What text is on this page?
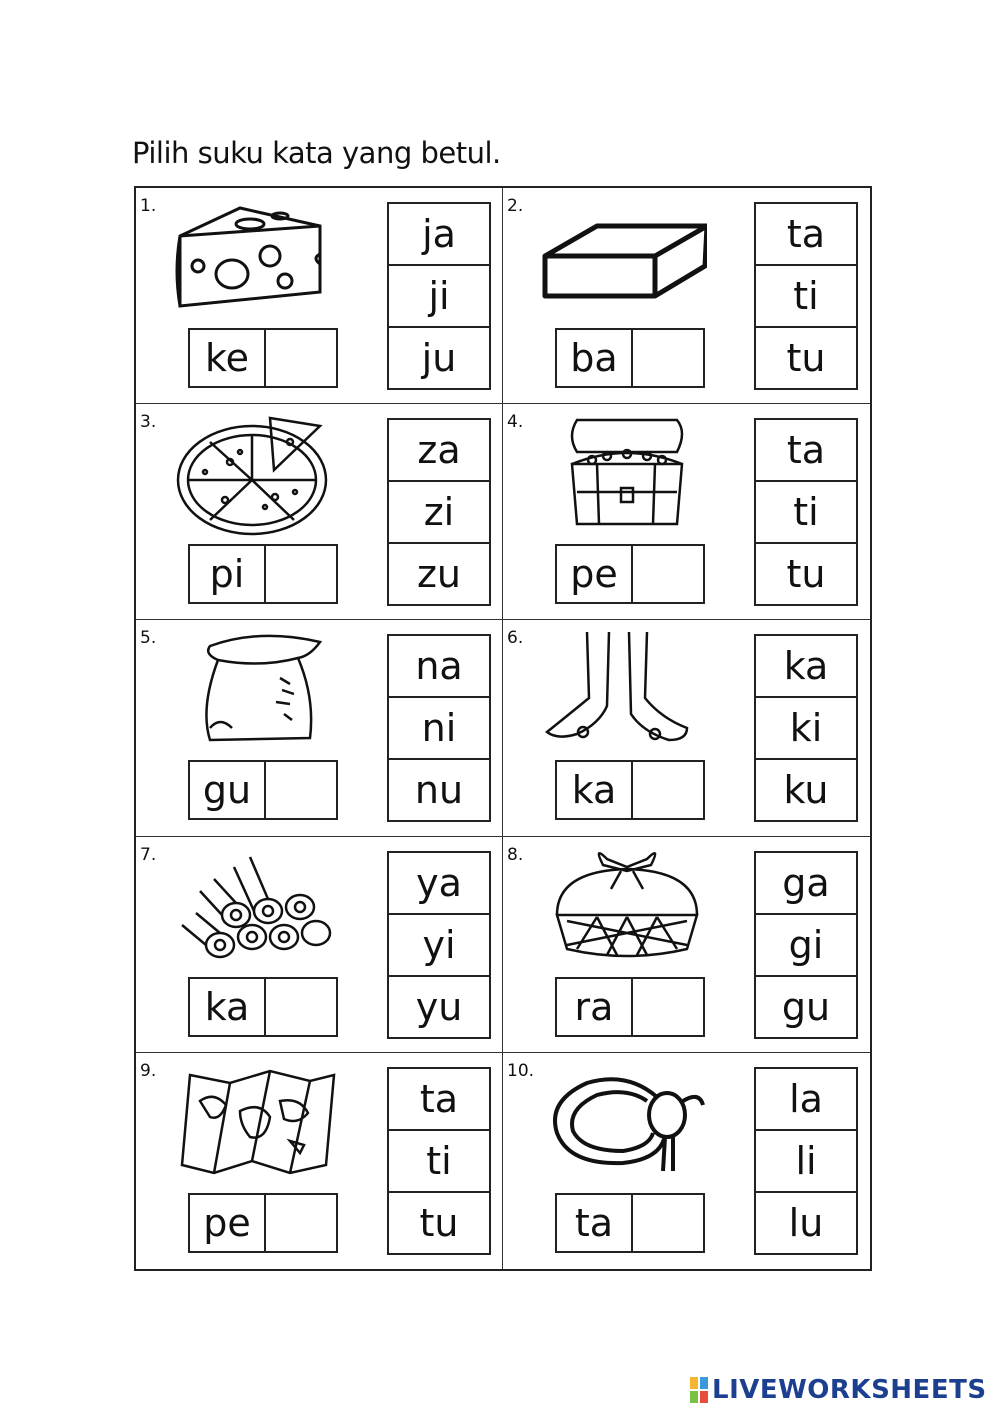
Pilih suku kata yang betul.
1.
ke
ja
ji
ju
2.
ba
ta
ti
tu
3.
pi
za
zi
zu
4.
pe
ta
ti
tu
5.
gu
na
ni
nu
6.
ka
ka
ki
ku
7.
ka
ya
yi
yu
8.
ra
ga
gi
gu
9.
pe
ta
ti
tu
10.
ta
la
li
lu
LIVEWORKSHEETS
